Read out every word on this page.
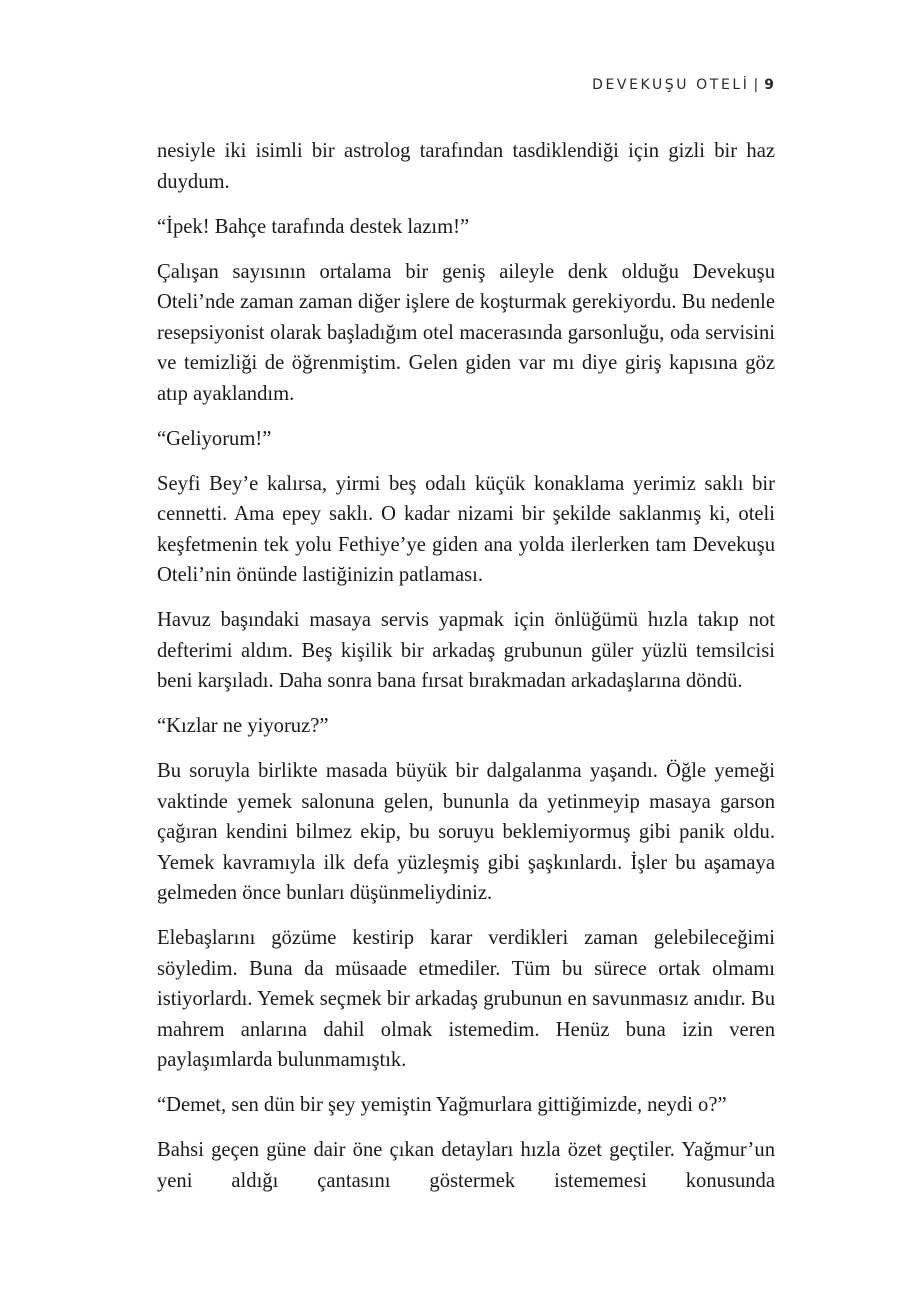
DEVEKUŞU OTELİ | 9

nesiyle iki isimli bir astrolog tarafından tasdiklendiği için gizli bir haz duydum.

“İpek! Bahçe tarafında destek lazım!”

Çalışan sayısının ortalama bir geniş aileyle denk olduğu Devekuşu Oteli’nde zaman zaman diğer işlere de koşturmak gerekiyordu. Bu nedenle resepsiyonist olarak başladığım otel macerasında garsonluğu, oda servisini ve temizliği de öğrenmiştim. Gelen giden var mı diye giriş kapısına göz atıp ayaklandım.

“Geliyorum!”

Seyfi Bey’e kalırsa, yirmi beş odalı küçük konaklama yerimiz saklı bir cennetti. Ama epey saklı. O kadar nizami bir şekilde saklanmış ki, oteli keşfetmenin tek yolu Fethiye’ye giden ana yolda ilerlerken tam Devekuşu Oteli’nin önünde lastiğinizin patlaması.

Havuz başındaki masaya servis yapmak için önlüğümü hızla takıp not defterimi aldım. Beş kişilik bir arkadaş grubunun güler yüzlü temsilcisi beni karşıladı. Daha sonra bana fırsat bırakmadan arkadaşlarına döndü.

“Kızlar ne yiyoruz?”

Bu soruyla birlikte masada büyük bir dalgalanma yaşandı. Öğle yemeği vaktinde yemek salonuna gelen, bununla da yetinmeyip masaya garson çağıran kendini bilmez ekip, bu soruyu beklemiyormuş gibi panik oldu. Yemek kavramıyla ilk defa yüzleşmiş gibi şaşkınlardı. İşler bu aşamaya gelmeden önce bunları düşünmeliydiniz.

Elebaşlarını gözüme kestirip karar verdikleri zaman gelebileceğimi söyledim. Buna da müsaade etmediler. Tüm bu sürece ortak olmamı istiyorlardı. Yemek seçmek bir arkadaş grubunun en savunmasız anıdır. Bu mahrem anlarına dahil olmak istemedim. Henüz buna izin veren paylaşımlarda bulunmamıştık.

“Demet, sen dün bir şey yemiştin Yağmurlara gittiğimizde, neydi o?”

Bahsi geçen güne dair öne çıkan detayları hızla özet geçtiler. Yağmur’un yeni aldığı çantasını göstermek istememesi konusunda
